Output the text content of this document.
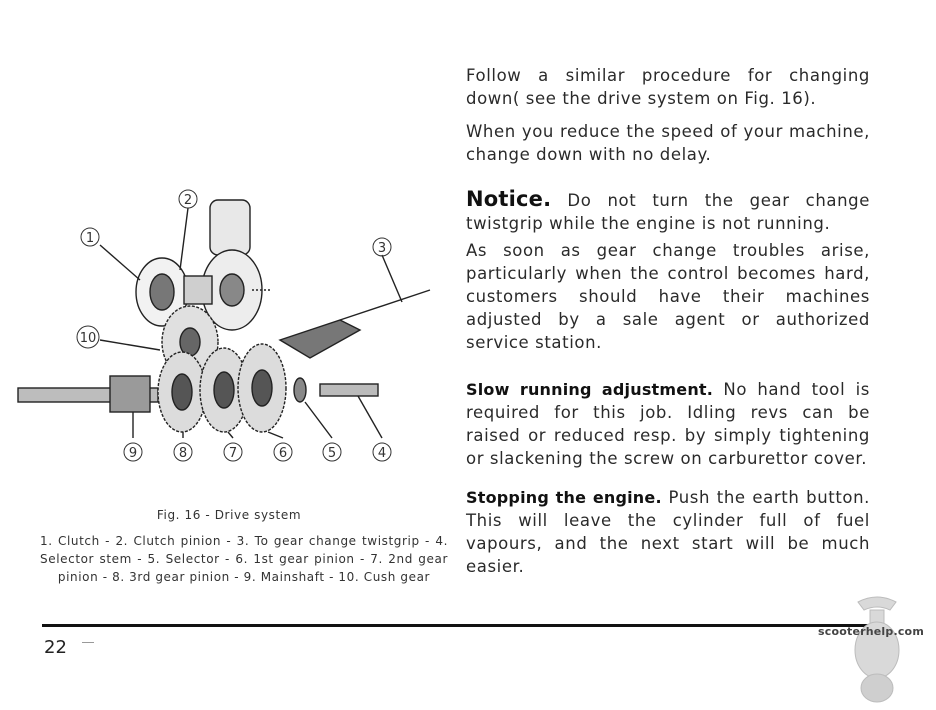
Follow a similar procedure for changing down( see the drive system on Fig. 16).

When you reduce the speed of your machine, change down with no delay.

Notice. Do not turn the gear change twistgrip while the engine is not running.

As soon as gear change troubles arise, particularly when the control becomes hard, customers should have their machines adjusted by a sale agent or authorized service station.

Slow running adjustment. No hand tool is required for this job. Idling revs can be raised or reduced resp. by simply tightening or slackening the screw on carburettor cover.

Stopping the engine. Push the earth button. This will leave the cylinder full of fuel vapours, and the next start will be much easier.

1
2
3
10
9	8	7	6	5	4
Fig. 16 - Drive system
1. Clutch - 2. Clutch pinion - 3. To gear change twistgrip - 4. Selector stem - 5. Selector - 6. 1st gear pinion - 7. 2nd gear pinion - 8. 3rd gear pinion - 9. Mainshaft - 10. Cush gear
22
scooterhelp.com
